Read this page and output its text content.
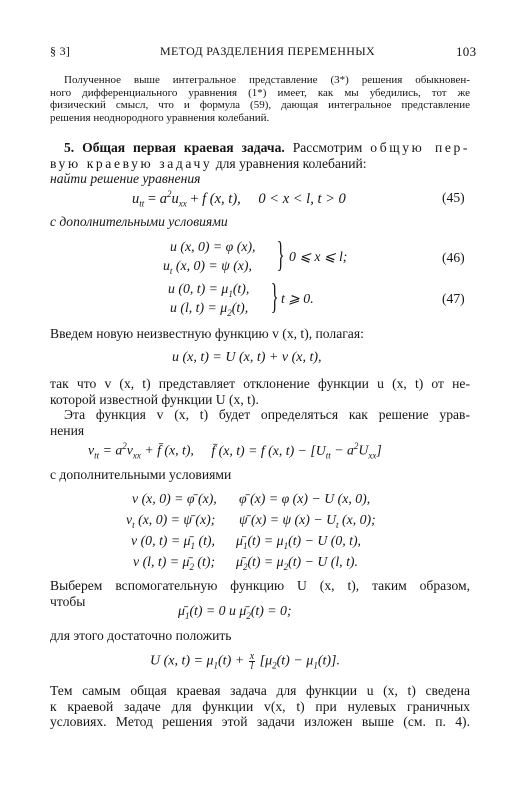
§ 3]	МЕТОД РАЗДЕЛЕНИЯ ПЕРЕМЕННЫХ	103
Полученное выше интегральное представление (3*) решения обыкновен-
ного дифференциального уравнения (1*) имеет, как мы убедились, тот же
физический смысл, что и формула (59), дающая интегральное представление
решения неоднородного уравнения колебаний.
5. Общая первая краевая задача. Рассмотрим общую пер-
вую краевую задачу для уравнения колебаний:
найти решение уравнения
$u_{tt} = a^2u_{xx} + f$ (x, t), 0 < x < l, t > 0	(45)
с дополнительными условиями
u (x, 0) = φ (x),
$u_t$ (x, 0) = ψ (x), } 0 ⩽ x ⩽ l;	(46)
u (0, $t) = \mu_1(t)$,
u (l, $t) = \mu_2(t)$, } t ⩾ 0.	(47)
Введем новую неизвестную функцию v (x, t), полагая:
u (x, t) = U (x, t) + v (x, t),
так что v (x, t) представляет отклонение функции u (x, t) от не-
которой известной функции U (x, t).
Эта функция v (x, t) будет определяться как решение урав-
нения
$v_{tt} = a^2v_{xx}$ + f̄ (x, t), f̄ (x, t) = f (x, $t) - [U_{tt} - a^2U_{xx}]$
с дополнительными условиями
v (x, 0) = φ̄ (x), φ̄ (x) = φ (x) − U (x, 0),
$v_t$ (x, 0) = ψ̄ (x); ψ̄ (x) = ψ $(x) - U_t$ (x, 0);
v (0, $t) = \mū_1$ (t), $\mū_1(t) = \mu_1(t) - U$ (0, t),
v (l, $t) = \mū_2$ (t); $\mū_2(t) = \mu_2(t) - U$ (l, t).
Выберем вспомогательную функцию U (x, t), таким образом,
чтобы
$\mū_1(t) = 0$ и $\mū_2(t) = 0$;
для этого достаточно положить
U (x, $t) = \mu_1(t) + \frac{x}{l} [\mu_2(t) - \mu_1(t)]$.
Тем самым общая краевая задача для функции u (x, t) сведена
к краевой задаче для функции v(x, t) при нулевых граничных
условиях. Метод решения этой задачи изложен выше (см. п. 4).
